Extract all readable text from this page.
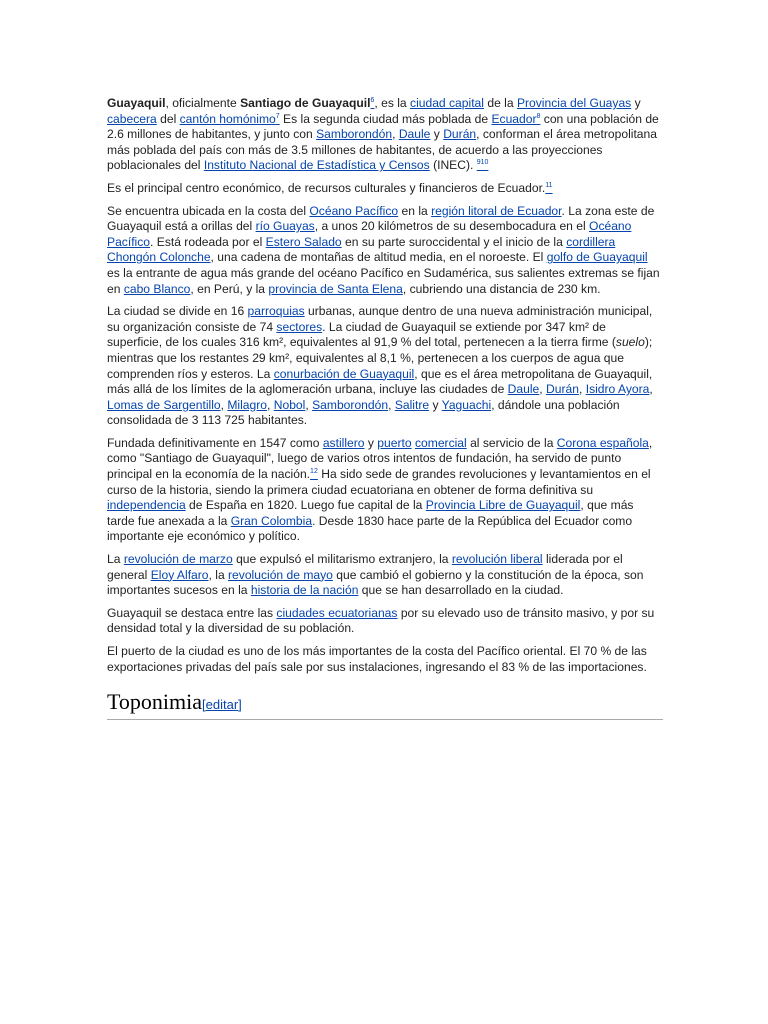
Guayaquil, oficialmente Santiago de Guayaquil$^6$, es la ciudad capital de la Provincia del Guayas y cabecera del cantón homónimo$^7$ Es la segunda ciudad más poblada de Ecuador$^8$ con una población de 2.6 millones de habitantes, y junto con Samborondón, Daule y Durán, conforman el área metropolitana más poblada del país con más de 3.5 millones de habitantes, de acuerdo a las proyecciones poblacionales del Instituto Nacional de Estadística y Censos (INEC). $^{910}$

Es el principal centro económico, de recursos culturales y financieros de Ecuador.$^{11}$

Se encuentra ubicada en la costa del Océano Pacífico en la región litoral de Ecuador. La zona este de Guayaquil está a orillas del río Guayas, a unos 20 kilómetros de su desembocadura en el Océano Pacífico. Está rodeada por el Estero Salado en su parte suroccidental y el inicio de la cordillera Chongón Colonche, una cadena de montañas de altitud media, en el noroeste. El golfo de Guayaquil es la entrante de agua más grande del océano Pacífico en Sudamérica, sus salientes extremas se fijan en cabo Blanco, en Perú, y la provincia de Santa Elena, cubriendo una distancia de 230 km.

La ciudad se divide en 16 parroquias urbanas, aunque dentro de una nueva administración municipal, su organización consiste de 74 sectores. La ciudad de Guayaquil se extiende por 347 km² de superficie, de los cuales 316 km², equivalentes al 91,9 % del total, pertenecen a la tierra firme (suelo); mientras que los restantes 29 km², equivalentes al 8,1 %, pertenecen a los cuerpos de agua que comprenden ríos y esteros. La conurbación de Guayaquil, que es el área metropolitana de Guayaquil, más allá de los límites de la aglomeración urbana, incluye las ciudades de Daule, Durán, Isidro Ayora, Lomas de Sargentillo, Milagro, Nobol, Samborondón, Salitre y Yaguachi, dándole una población consolidada de 3 113 725 habitantes.

Fundada definitivamente en 1547 como astillero y puerto comercial al servicio de la Corona española, como "Santiago de Guayaquil", luego de varios otros intentos de fundación, ha servido de punto principal en la economía de la nación.$^{12}$ Ha sido sede de grandes revoluciones y levantamientos en el curso de la historia, siendo la primera ciudad ecuatoriana en obtener de forma definitiva su independencia de España en 1820. Luego fue capital de la Provincia Libre de Guayaquil, que más tarde fue anexada a la Gran Colombia. Desde 1830 hace parte de la República del Ecuador como importante eje económico y político.

La revolución de marzo que expulsó el militarismo extranjero, la revolución liberal liderada por el general Eloy Alfaro, la revolución de mayo que cambió el gobierno y la constitución de la época, son importantes sucesos en la historia de la nación que se han desarrollado en la ciudad.

Guayaquil se destaca entre las ciudades ecuatorianas por su elevado uso de tránsito masivo, y por su densidad total y la diversidad de su población.

El puerto de la ciudad es uno de los más importantes de la costa del Pacífico oriental. El 70 % de las exportaciones privadas del país sale por sus instalaciones, ingresando el 83 % de las importaciones.

Toponimia[editar]
